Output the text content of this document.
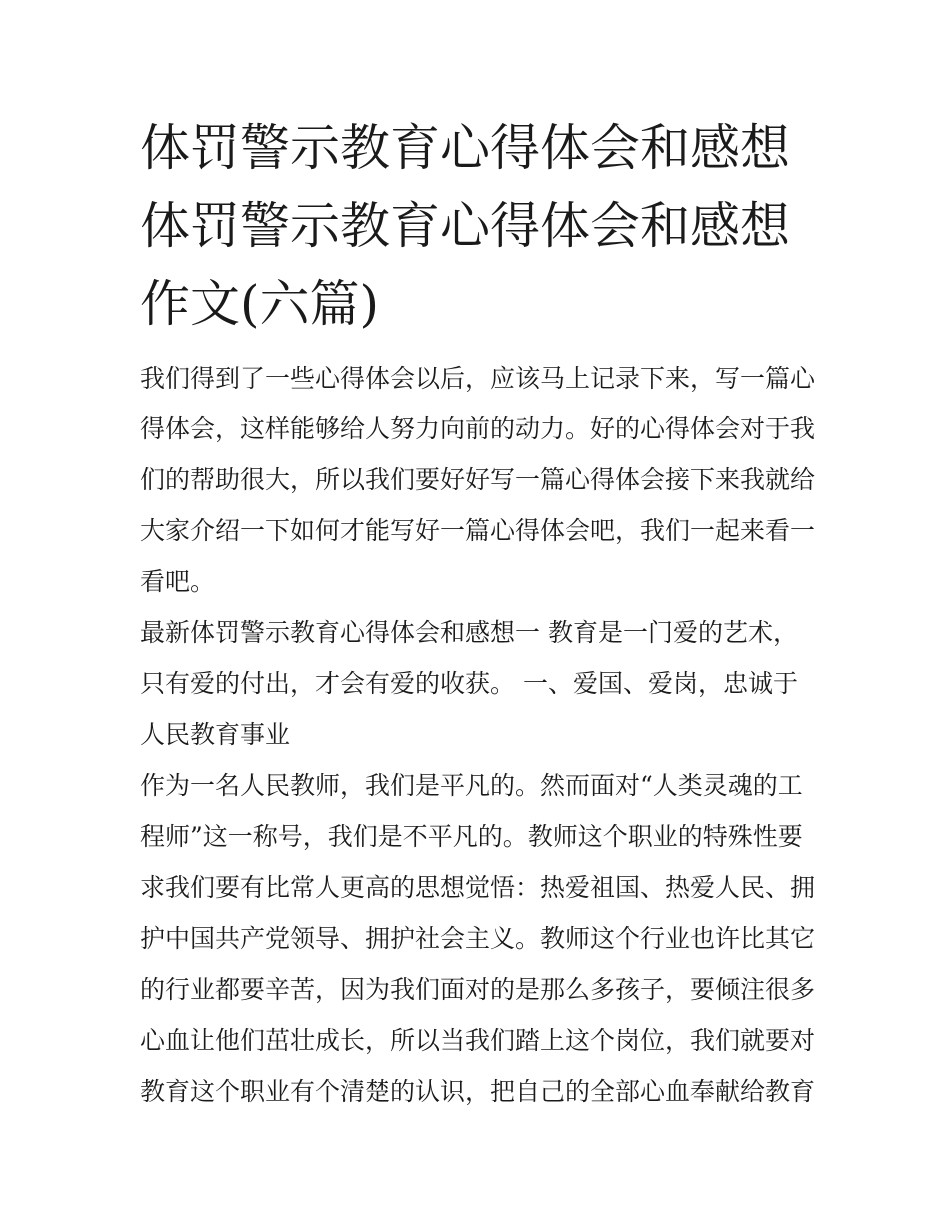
体罚警示教育心得体会和感想
体罚警示教育心得体会和感想
作文(六篇)
我们得到了一些心得体会以后，应该马上记录下来，写一篇心
得体会，这样能够给人努力向前的动力。好的心得体会对于我
们的帮助很大，所以我们要好好写一篇心得体会接下来我就给
大家介绍一下如何才能写好一篇心得体会吧，我们一起来看一
看吧。
最新体罚警示教育心得体会和感想一 教育是一门爱的艺术，
只有爱的付出，才会有爱的收获。 一、爱国、爱岗，忠诚于
人民教育事业
作为一名人民教师，我们是平凡的。然而面对“人类灵魂的工
程师”这一称号，我们是不平凡的。教师这个职业的特殊性要
求我们要有比常人更高的思想觉悟：热爱祖国、热爱人民、拥
护中国共产党领导、拥护社会主义。教师这个行业也许比其它
的行业都要辛苦，因为我们面对的是那么多孩子，要倾注很多
心血让他们茁壮成长，所以当我们踏上这个岗位，我们就要对
教育这个职业有个清楚的认识，把自己的全部心血奉献给教育
